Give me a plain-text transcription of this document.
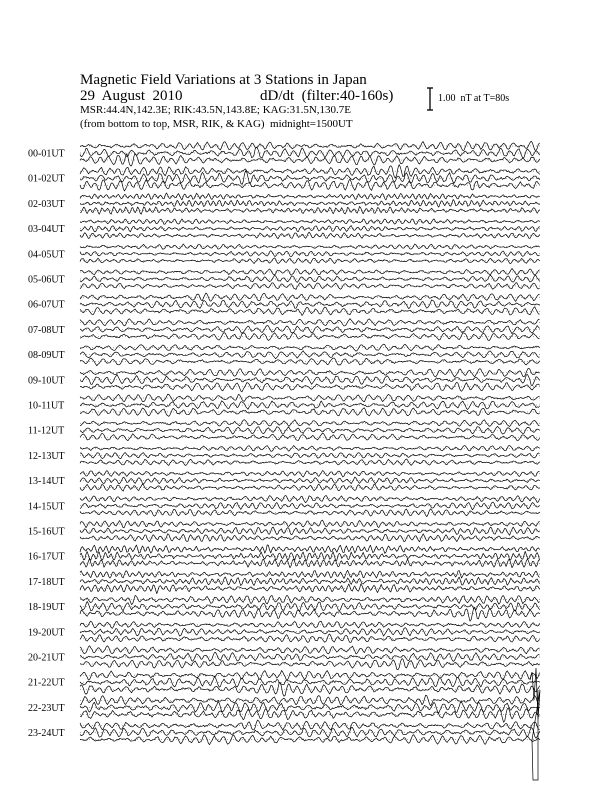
Magnetic Field Variations at 3 Stations in Japan
29  August  2010	dD/dt  (filter:40-160s)
MSR:44.4N,142.3E; RIK:43.5N,143.8E; KAG:31.5N,130.7E
(from bottom to top, MSR, RIK, & KAG)  midnight=1500UT
1.00  nT at T=80s
00-01UT
01-02UT
02-03UT
03-04UT
04-05UT
05-06UT
06-07UT
07-08UT
08-09UT
09-10UT
10-11UT
11-12UT
12-13UT
13-14UT
14-15UT
15-16UT
16-17UT
17-18UT
18-19UT
19-20UT
20-21UT
21-22UT
22-23UT
23-24UT
